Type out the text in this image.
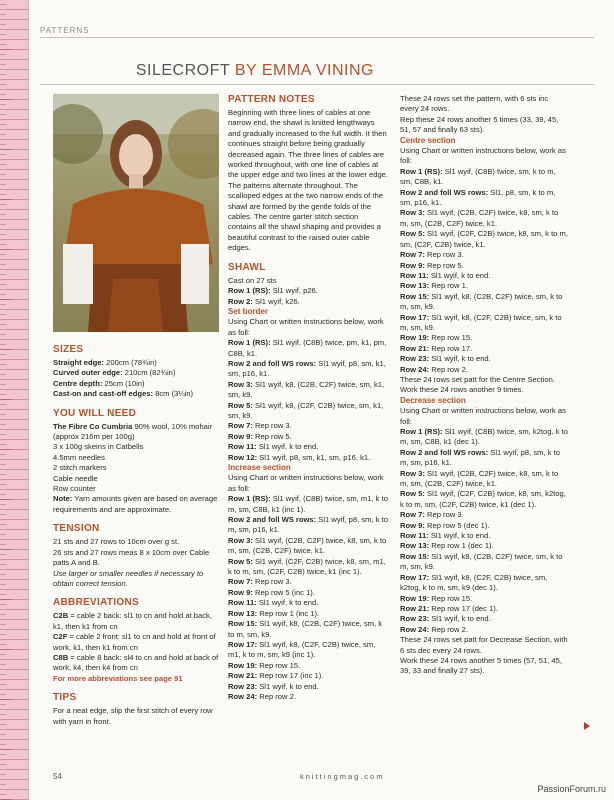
PATTERNS
SILECROFT BY EMMA VINING
SIZES

Straight edge: 200cm (78¾in)

Curved outer edge: 210cm (82¾in)

Centre depth: 25cm (10in)

Cast-on and cast-off edges: 8cm (3¼in)

YOU WILL NEED

The Fibre Co Cumbria 90% wool, 10% mohair (approx 216m per 100g)

3 x 100g skeins in Catbells

4.5mm needles

2 stitch markers

Cable needle

Row counter

Note: Yarn amounts given are based on average requirements and are approximate.

TENSION

21 sts and 27 rows to 10cm over g st.

26 sts and 27 rows meas 8 x 10cm over Cable patts A and B.

Use larger or smaller needles if necessary to obtain correct tension.

ABBREVIATIONS

C2B = cable 2 back: sl1 to cn and hold at back, k1, then k1 from cn

C2F = cable 2 front: sl1 to cn and hold at front of work, k1, then k1 from cn

C8B = cable 8 back: sl4 to cn and hold at back of work, k4, then k4 from cn

For more abbreviations see page 91

TIPS

For a neat edge, slip the first stitch of every row with yarn in front.

PATTERN NOTES

Beginning with three lines of cables at one narrow end, the shawl is knitted lengthways and gradually increased to the full width. It then continues straight before being gradually decreased again. The three lines of cables are worked throughout, with one line of cables at the upper edge and two lines at the lower edge. The patterns alternate throughout. The scalloped edges at the two narrow ends of the shawl are formed by the gentle folds of the cables. The centre garter stitch section contains all the shawl shaping and provides a beautiful contrast to the raised outer cable edges.

SHAWL

Cast on 27 sts

Row 1 (RS): Sl1 wyif, p26.

Row 2: Sl1 wyif, k26.

Set border

Using Chart or written instructions below, work as foll:

Row 1 (RS): Sl1 wyif, (C8B) twice, pm, k1, pm, C8B, k1.

Row 2 and foll WS rows: Sl1 wyif, p8, sm, k1, sm, p16, k1.

Row 3: Sl1 wyif, k8, (C2B, C2F) twice, sm, k1, sm, k9.

Row 5: Sl1 wyif, k8, (C2F, C2B) twice, sm, k1, sm, k9.

Row 7: Rep row 3.

Row 9: Rep row 5.

Row 11: Sl1 wyif, k to end.

Row 12: Sl1 wyif, p8, sm, k1, sm, p16, k1.

Increase section

Using Chart or written instructions below, work as foll:

Row 1 (RS): Sl1 wyif, (C8B) twice, sm, m1, k to m, sm, C8B, k1 (inc 1).

Row 2 and foll WS rows: Sl1 wyif, p8, sm, k to m, sm, p16, k1.

Row 3: Sl1 wyif, (C2B, C2F) twice, k8, sm, k to m, sm, (C2B, C2F) twice, k1.

Row 5: Sl1 wyif, (C2F, C2B) twice, k8, sm, m1, k to m, sm, (C2F, C2B) twice, k1 (inc 1).

Row 7: Rep row 3.

Row 9: Rep row 5 (inc 1).

Row 11: Sl1 wyif, k to end.

Row 13: Rep row 1 (inc 1).

Row 15: Sl1 wyif, k8, (C2B, C2F) twice, sm, k to m, sm, k9.

Row 17: Sl1 wyif, k8, (C2F, C2B) twice, sm, m1, k to m, sm, k9 (inc 1).

Row 19: Rep row 15.

Row 21: Rep row 17 (inc 1).

Row 23: Sl1 wyif, k to end.

Row 24: Rep row 2.

These 24 rows set the pattern, with 6 sts inc every 24 rows.

Rep these 24 rows another 5 times (33, 39, 45, 51, 57 and finally 63 sts).

Centre section

Using Chart or written instructions below, work as foll:

Row 1 (RS): Sl1 wyif, (C8B) twice, sm, k to m, sm, C8B, k1.

Row 2 and foll WS rows: Sl1, p8, sm, k to m, sm, p16, k1.

Row 3: Sl1 wyif, (C2B, C2F) twice, k8, sm, k to m, sm, (C2B, C2F) twice, k1.

Row 5: Sl1 wyif, (C2F, C2B) twice, k8, sm, k to m, sm, (C2F, C2B) twice, k1.

Row 7: Rep row 3.

Row 9: Rep row 5.

Row 11: Sl1 wyif, k to end.

Row 13: Rep row 1.

Row 15: Sl1 wyif, k8, (C2B, C2F) twice, sm, k to m, sm, k9.

Row 17: Sl1 wyif, k8, (C2F, C2B) twice, sm, k to m, sm, k9.

Row 19: Rep row 15.

Row 21: Rep row 17.

Row 23: Sl1 wyif, k to end.

Row 24: Rep row 2.

These 24 rows set patt for the Centre Section.

Work these 24 rows another 9 times.

Decrease section

Using Chart or written instructions below, work as foll:

Row 1 (RS): Sl1 wyif, (C8B) twice, sm, k2tog, k to m, sm, C8B, k1 (dec 1).

Row 2 and foll WS rows: Sl1 wyif, p8, sm, k to m, sm, p16, k1.

Row 3: Sl1 wyif, (C2B, C2F) twice, k8, sm, k to m, sm, (C2B, C2F) twice, k1.

Row 5: Sl1 wyif, (C2F, C2B) twice, k8, sm, k2tog, k to m, sm, (C2F, C2B) twice, k1 (dec 1).

Row 7: Rep row 3.

Row 9: Rep row 5 (dec 1).

Row 11: Sl1 wyif, k to end.

Row 13: Rep row 1 (dec 1).

Row 15: Sl1 wyif, k8, (C2B, C2F) twice, sm, k to m, sm, k9.

Row 17: Sl1 wyif, k8, (C2F, C2B) twice, sm, k2tog, k to m, sm, k9 (dec 1).

Row 19: Rep row 15.

Row 21: Rep row 17 (dec 1).

Row 23: Sl1 wyif, k to end.

Row 24: Rep row 2.

These 24 rows set patt for Decrease Section, with 6 sts dec every 24 rows.

Work these 24 rows another 5 times (57, 51, 45, 39, 33 and finally 27 sts).

54	knittingmag.com
PassionForum.ru
